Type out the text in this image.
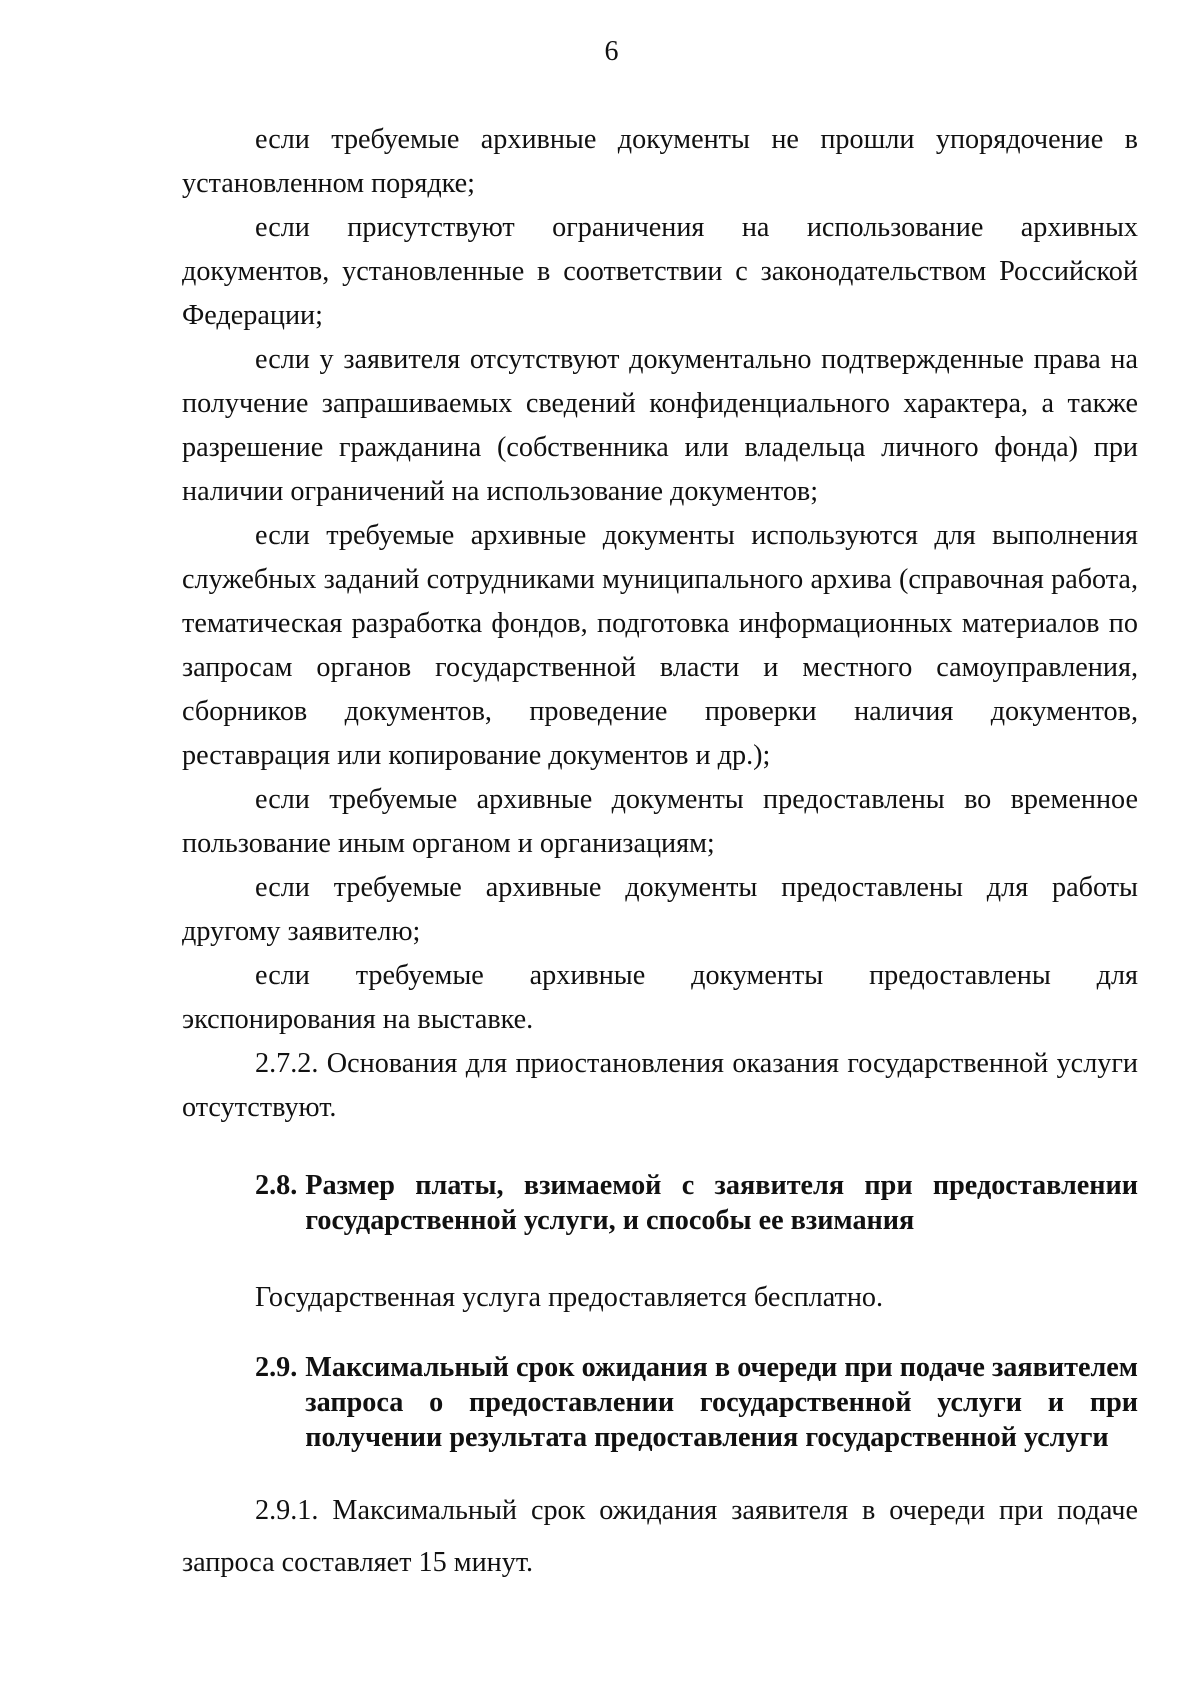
6

если требуемые архивные документы не прошли упорядочение в установленном порядке;

если присутствуют ограничения на использование архивных документов, установленные в соответствии с законодательством Российской Федерации;

если у заявителя отсутствуют документально подтвержденные права на получение запрашиваемых сведений конфиденциального характера, а также разрешение гражданина (собственника или владельца личного фонда) при наличии ограничений на использование документов;

если требуемые архивные документы используются для выполнения служебных заданий сотрудниками муниципального архива (справочная работа, тематическая разработка фондов, подготовка информационных материалов по запросам органов государственной власти и местного самоуправления, сборников документов, проведение проверки наличия документов, реставрация или копирование документов и др.);

если требуемые архивные документы предоставлены во временное пользование иным органом и организациям;

если требуемые архивные документы предоставлены для работы другому заявителю;

если требуемые архивные документы предоставлены для экспонирования на выставке.

2.7.2. Основания для приостановления оказания государственной услуги отсутствуют.

2.8. Размер платы, взимаемой с заявителя при предоставлении государственной услуги, и способы ее взимания

Государственная услуга предоставляется бесплатно.

2.9. Максимальный срок ожидания в очереди при подаче заявителем запроса о предоставлении государственной услуги и при получении результата предоставления государственной услуги

2.9.1. Максимальный срок ожидания заявителя в очереди при подаче запроса составляет 15 минут.
